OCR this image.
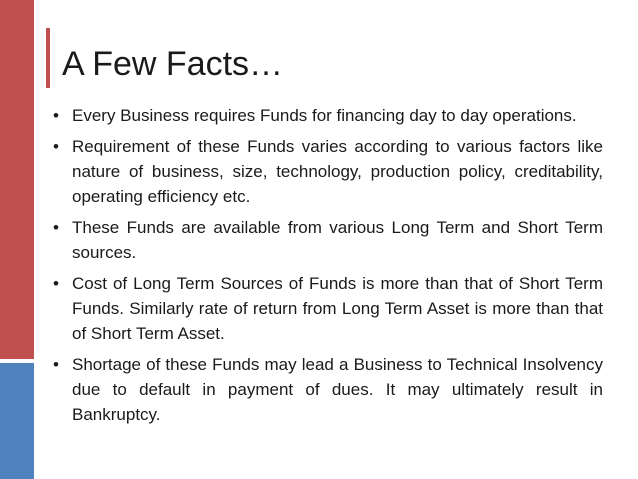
A Few Facts…
• Every Business requires Funds for financing day to day operations.
• Requirement of these Funds varies according to various factors like nature of business, size, technology, production policy, creditability, operating efficiency etc.
• These Funds are available from various Long Term and Short Term sources.
• Cost of Long Term Sources of Funds is more than that of Short Term Funds. Similarly rate of return from Long Term Asset is more than that of Short Term Asset.
• Shortage of these Funds may lead a Business to Technical Insolvency due to default in payment of dues. It may ultimately result in Bankruptcy.
